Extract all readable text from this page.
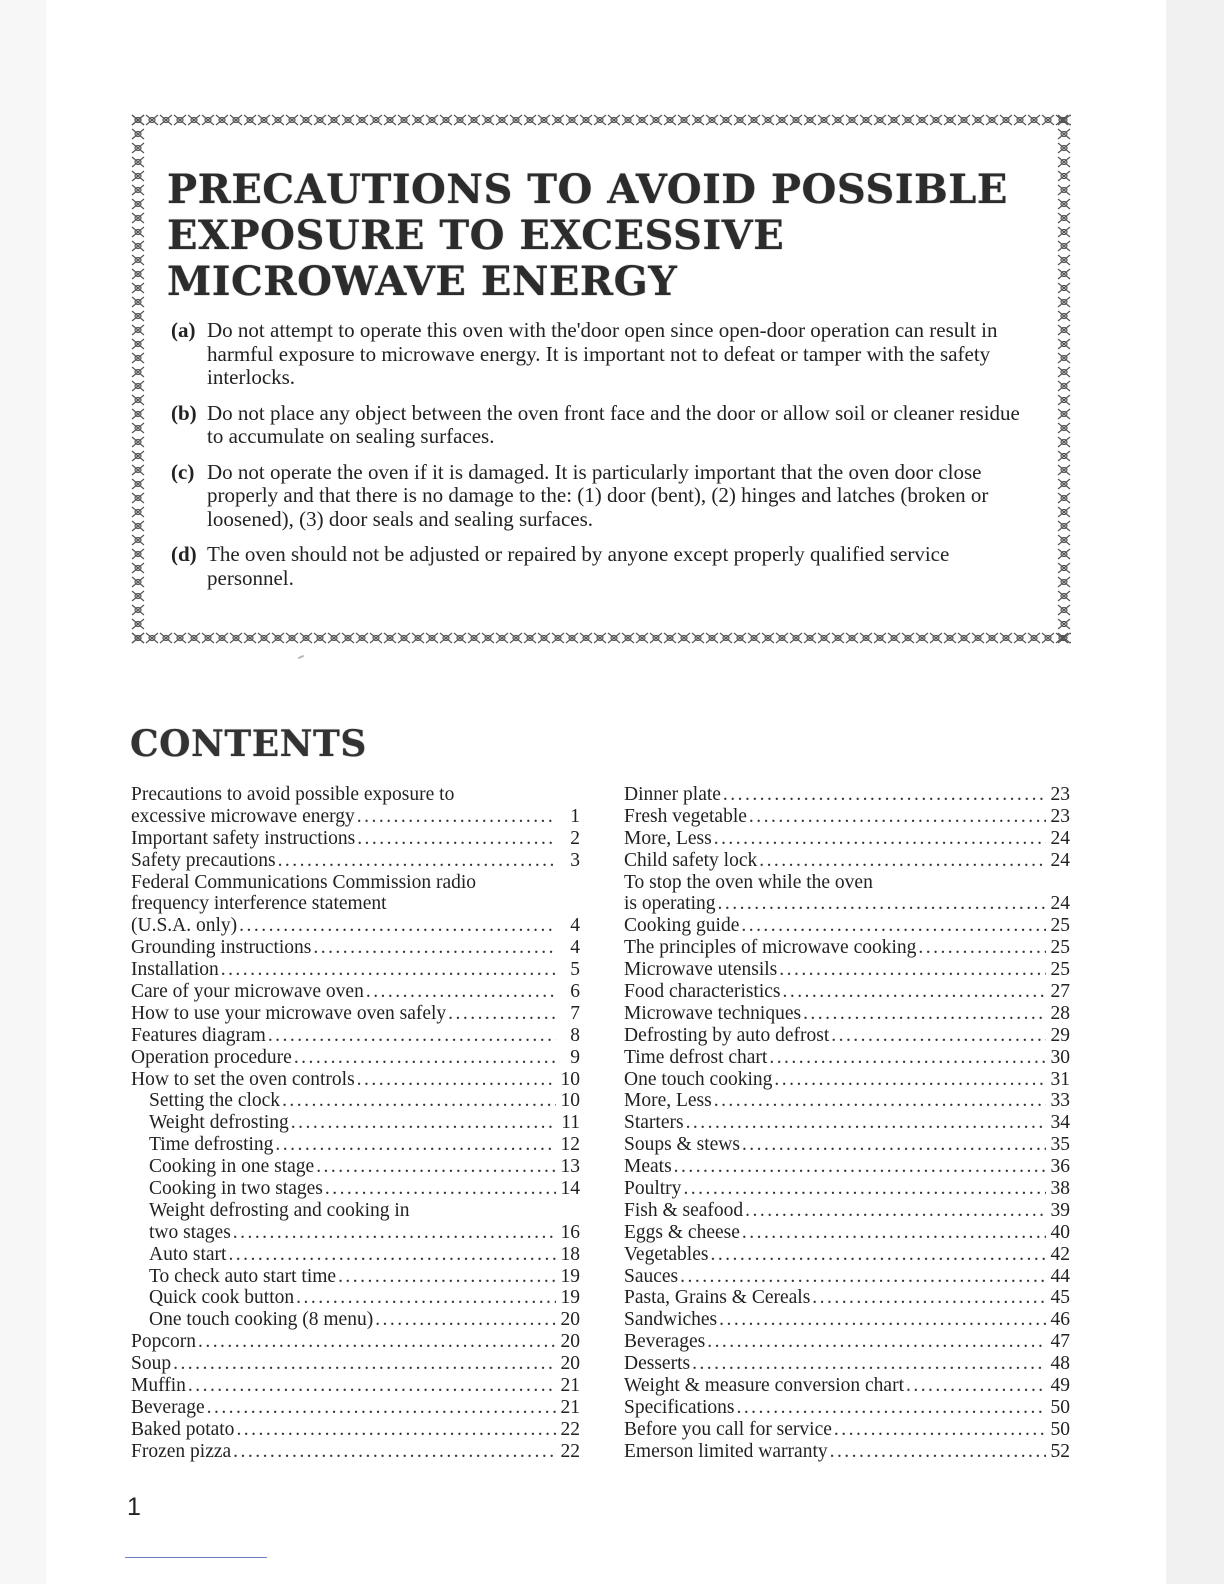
PRECAUTIONS TO AVOID POSSIBLE EXPOSURE TO EXCESSIVE MICROWAVE ENERGY
(a) Do not attempt to operate this oven with the'door open since open-door operation can result in harmful exposure to microwave energy. It is important not to defeat or tamper with the safety interlocks.
(b) Do not place any object between the oven front face and the door or allow soil or cleaner residue to accumulate on sealing surfaces.
(c) Do not operate the oven if it is damaged. It is particularly important that the oven door close properly and that there is no damage to the: (1) door (bent), (2) hinges and latches (broken or loosened), (3) door seals and sealing surfaces.
(d) The oven should not be adjusted or repaired by anyone except properly qualified service personnel.
CONTENTS
Precautions to avoid possible exposure to
excessive microwave energy . . .	1
Important safety instructions . . .	2
Safety precautions . . .	3
Federal Communications Commission radio
frequency interference statement
(U.S.A. only) . . .	4
Grounding instructions . . .	4
Installation . . .	5
Care of your microwave oven . . .	6
How to use your microwave oven safely . . .	7
Features diagram . . .	8
Operation procedure . . .	9
How to set the oven controls . . .	10
Setting the clock . . .	10
Weight defrosting . . .	11
Time defrosting . . .	12
Cooking in one stage . . .	13
Cooking in two stages . . .	14
Weight defrosting and cooking in
two stages . . .	16
Auto start . . .	18
To check auto start time . . .	19
Quick cook button . . .	19
One touch cooking (8 menu) . . .	20
Popcorn . . .	20
Soup . . .	20
Muffin . . .	21
Beverage . . .	21
Baked potato . . .	22
Frozen pizza . . .	22
Dinner plate . . .	23
Fresh vegetable . . .	23
More, Less . . .	24
Child safety lock . . .	24
To stop the oven while the oven
is operating . . .	24
Cooking guide . . .	25
The principles of microwave cooking . . .	25
Microwave utensils . . .	25
Food characteristics . . .	27
Microwave techniques . . .	28
Defrosting by auto defrost . . .	29
Time defrost chart . . .	30
One touch cooking . . .	31
More, Less . . .	33
Starters . . .	34
Soups & stews . . .	35
Meats . . .	36
Poultry . . .	38
Fish & seafood . . .	39
Eggs & cheese . . .	40
Vegetables . . .	42
Sauces . . .	44
Pasta, Grains & Cereals . . .	45
Sandwiches . . .	46
Beverages . . .	47
Desserts . . .	48
Weight & measure conversion chart . . .	49
Specifications . . .	50
Before you call for service . . .	50
Emerson limited warranty . . .	52
1
